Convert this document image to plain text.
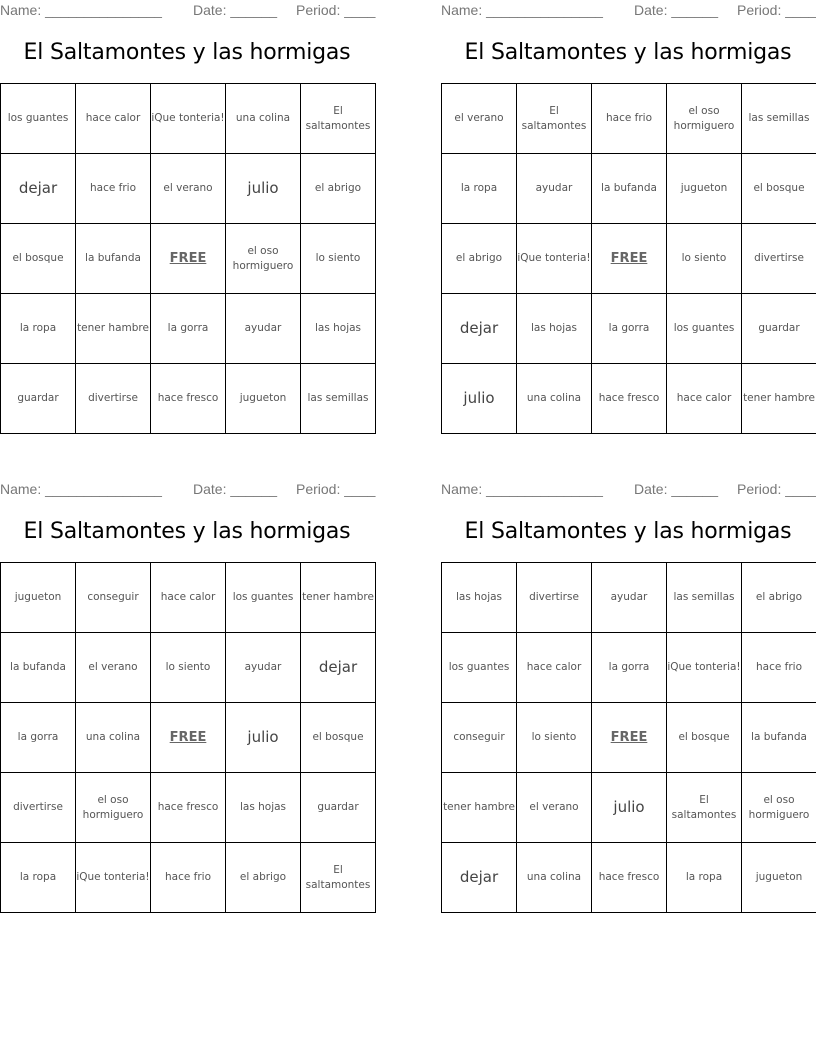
Name: _______________ Date: ______ Period: ____
El Saltamontes y las hormigas
los guantes	hace calor	iQue tonteria!	una colina	El saltamontes
dejar	hace frio	el verano	julio	el abrigo
el bosque	la bufanda	FREE	el oso hormiguero	lo siento
la ropa	tener hambre	la gorra	ayudar	las hojas
guardar	divertirse	hace fresco	jugueton	las semillas
Name: _______________ Date: ______ Period: ____
El Saltamontes y las hormigas
el verano	El saltamontes	hace frio	el oso hormiguero	las semillas
la ropa	ayudar	la bufanda	jugueton	el bosque
el abrigo	iQue tonteria!	FREE	lo siento	divertirse
dejar	las hojas	la gorra	los guantes	guardar
julio	una colina	hace fresco	hace calor	tener hambre
Name: _______________ Date: ______ Period: ____
El Saltamontes y las hormigas
jugueton	conseguir	hace calor	los guantes	tener hambre
la bufanda	el verano	lo siento	ayudar	dejar
la gorra	una colina	FREE	julio	el bosque
divertirse	el oso hormiguero	hace fresco	las hojas	guardar
la ropa	iQue tonteria!	hace frio	el abrigo	El saltamontes
Name: _______________ Date: ______ Period: ____
El Saltamontes y las hormigas
las hojas	divertirse	ayudar	las semillas	el abrigo
los guantes	hace calor	la gorra	iQue tonteria!	hace frio
conseguir	lo siento	FREE	el bosque	la bufanda
tener hambre	el verano	julio	El saltamontes	el oso hormiguero
dejar	una colina	hace fresco	la ropa	jugueton
